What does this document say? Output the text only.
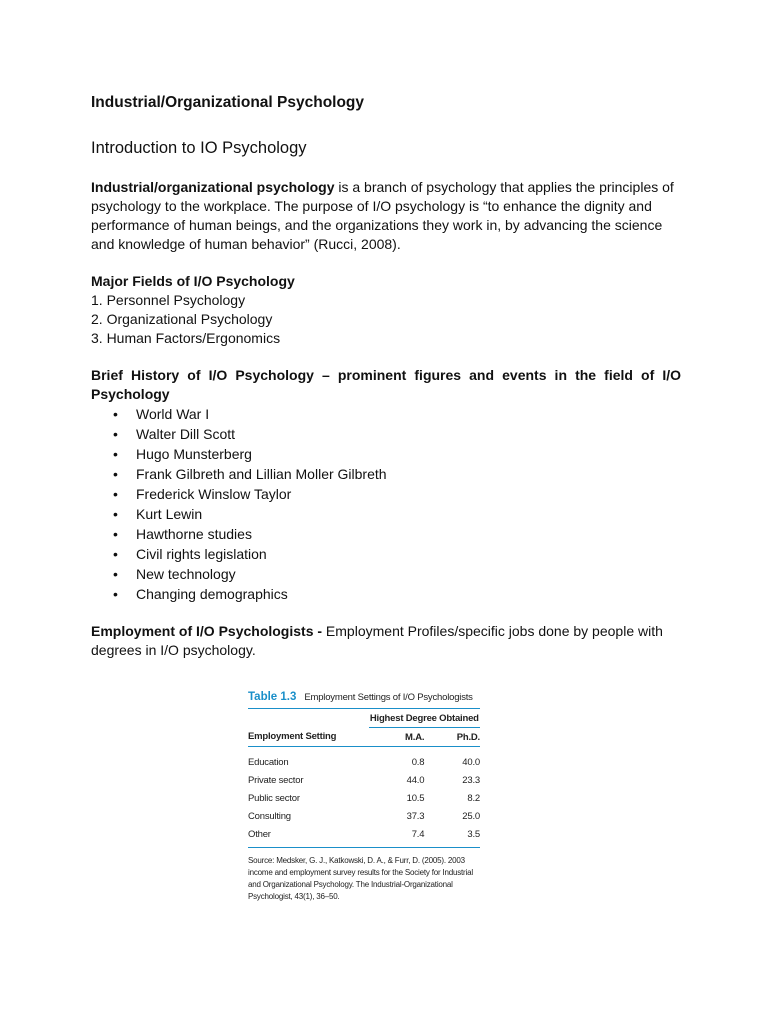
Industrial/Organizational Psychology
Introduction to IO Psychology

Industrial/organizational psychology is a branch of psychology that applies the principles of psychology to the workplace. The purpose of I/O psychology is “to enhance the dignity and performance of human beings, and the organizations they work in, by advancing the science and knowledge of human behavior” (Rucci, 2008).

Major Fields of I/O Psychology
1. Personnel Psychology
2. Organizational Psychology
3. Human Factors/Ergonomics
Brief History of I/O Psychology – prominent figures and events in the field of I/O Psychology
• World War I
• Walter Dill Scott
• Hugo Munsterberg
• Frank Gilbreth and Lillian Moller Gilbreth
• Frederick Winslow Taylor
• Kurt Lewin
• Hawthorne studies
• Civil rights legislation
• New technology
• Changing demographics

Employment of I/O Psychologists - Employment Profiles/specific jobs done by people with degrees in I/O psychology.

Table 1.3 Employment Settings of I/O Psychologists
	Highest Degree Obtained	
Employment Setting	M.A.	Ph.D.
Education	0.8	40.0
Private sector	44.0	23.3
Public sector	10.5	8.2
Consulting	37.3	25.0
Other	7.4	3.5
Source: Medsker, G. J., Katkowski, D. A., & Furr, D. (2005). 2003 income and employment survey results for the Society for Industrial and Organizational Psychology. The Industrial-Organizational Psychologist, 43(1), 36–50.
